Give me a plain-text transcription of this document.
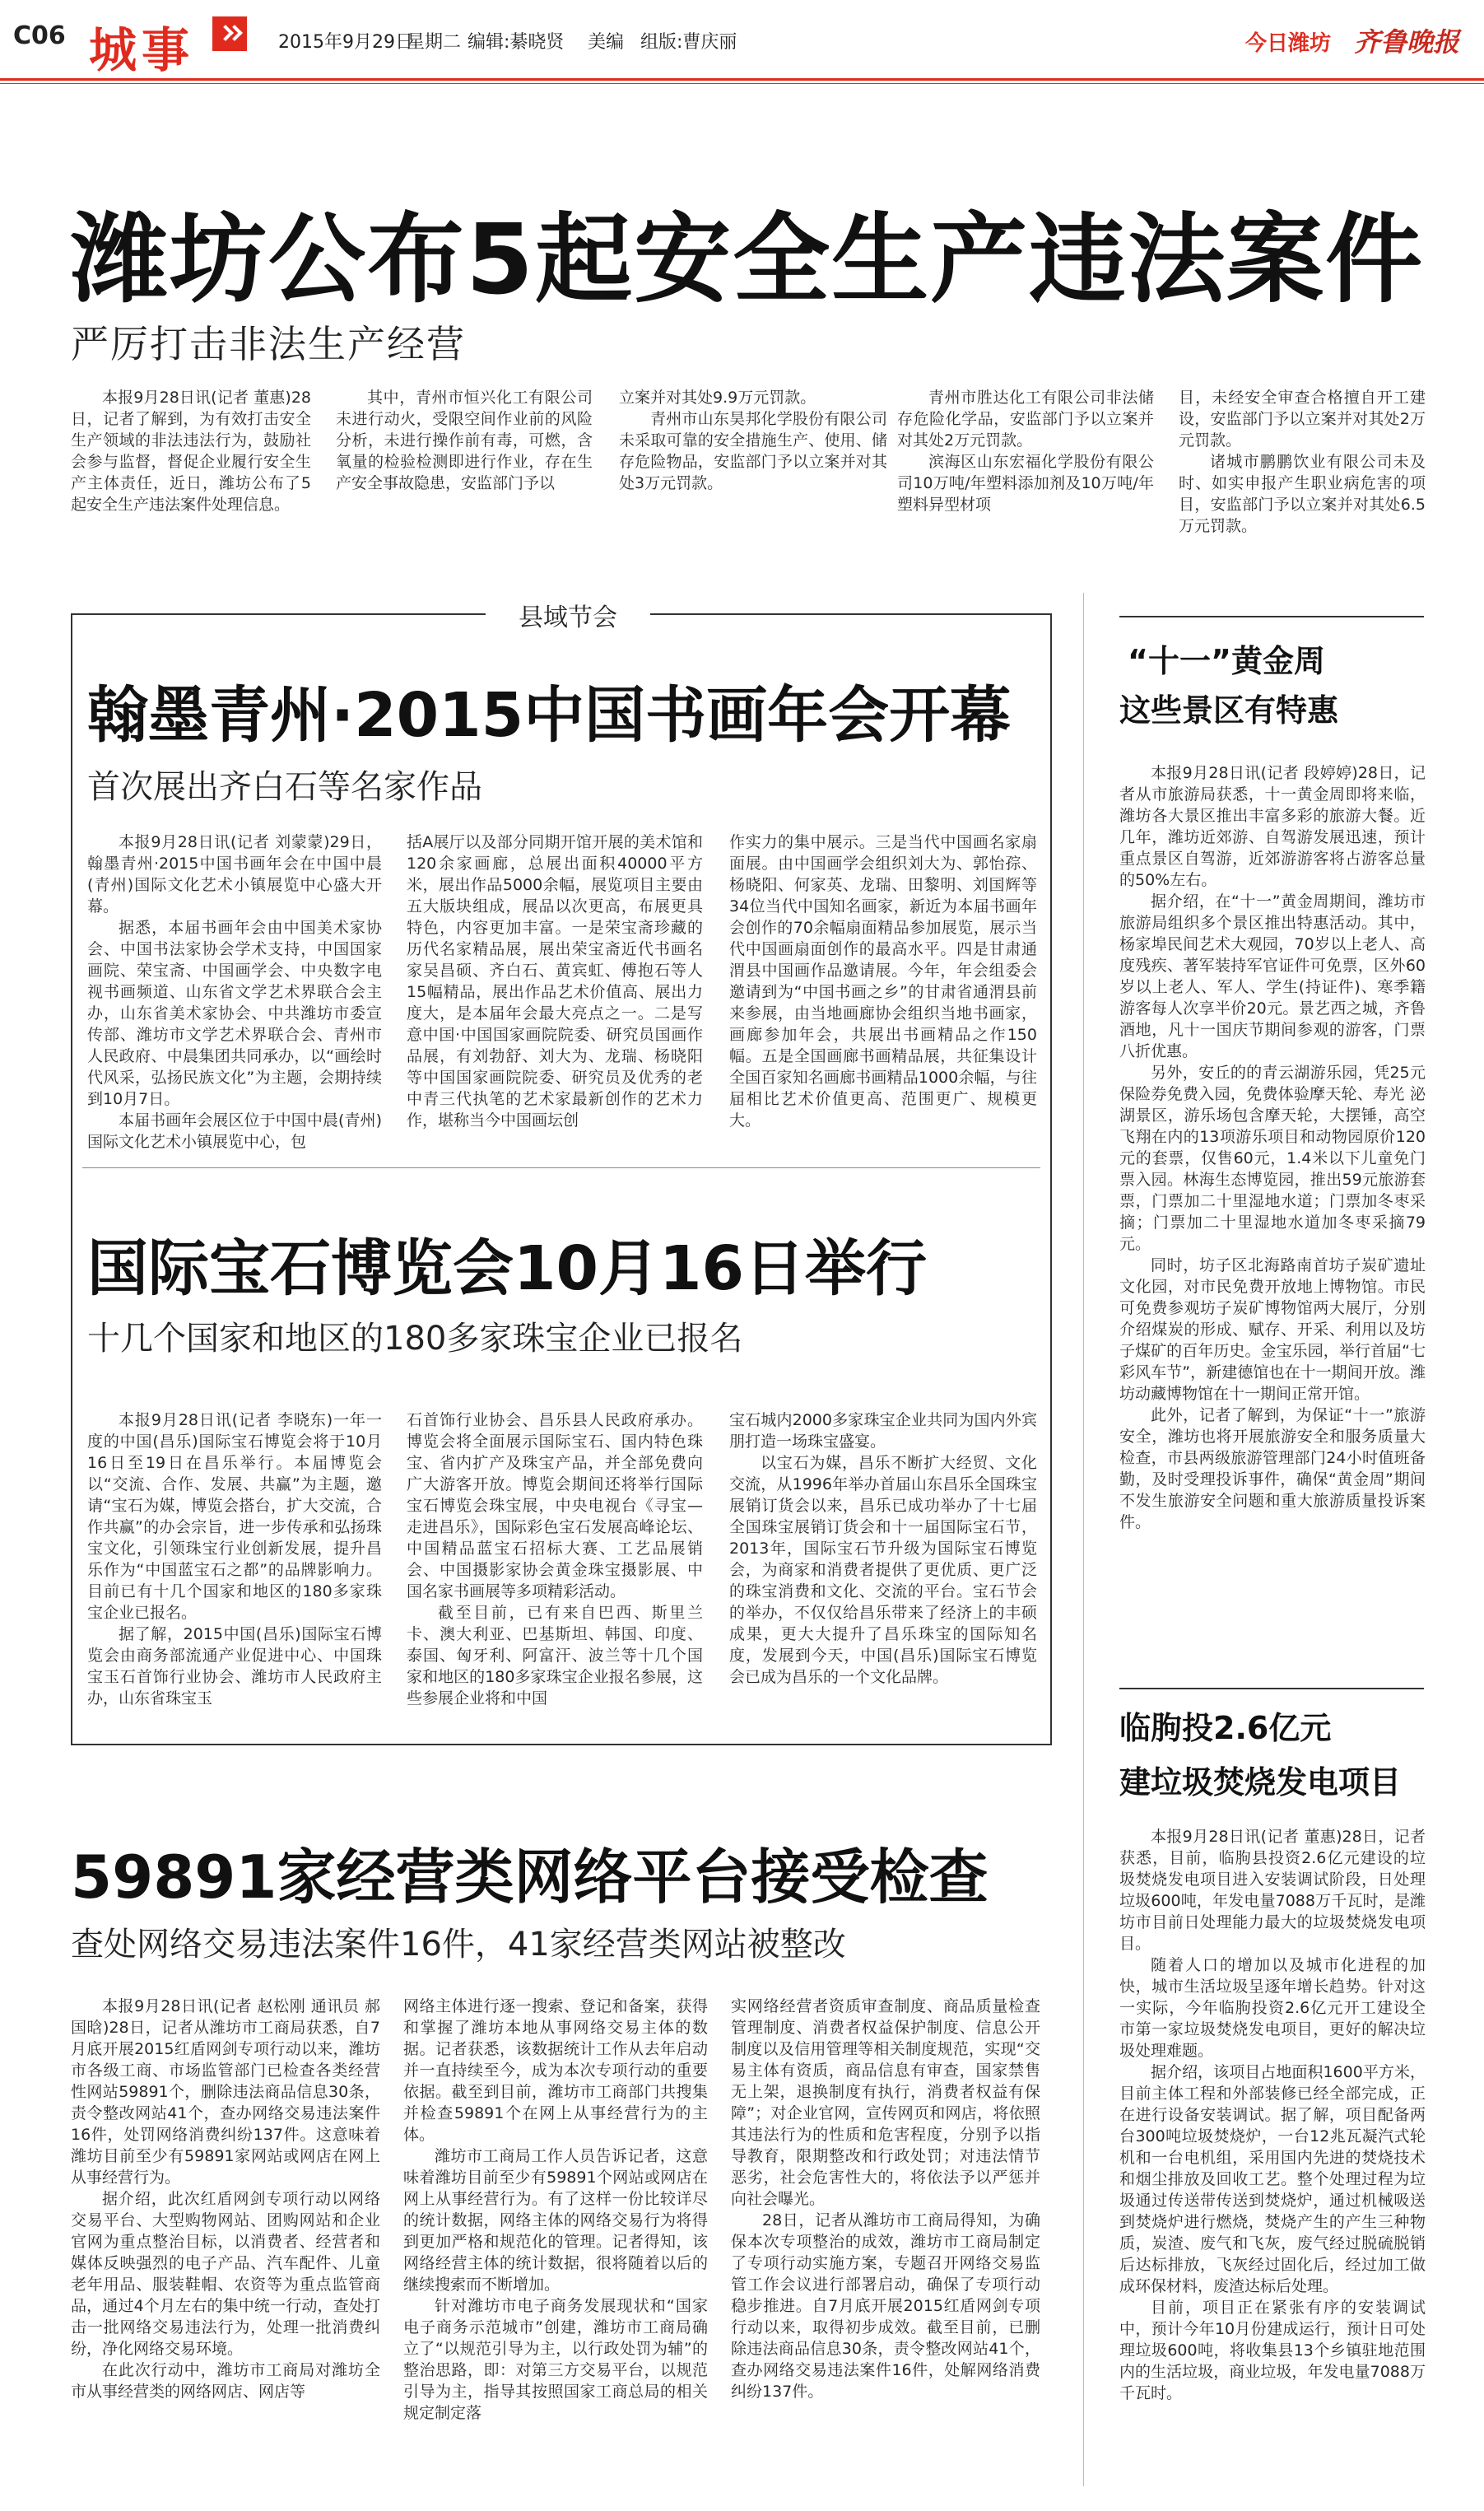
C06 城事	2015年9月29日
星期二 编辑:綦晓贤 美编 组版:曹庆丽	今日潍坊 齐鲁晚报
潍坊公布5起安全生产违法案件
严厉打击非法生产经营

本报9月28日讯(记者 董惠)28日，记者了解到，为有效打击安全生产领域的非法违法行为，鼓励社会参与监督，督促企业履行安全生产主体责任，近日，潍坊公布了5起安全生产违法案件处理信息。

其中，青州市恒兴化工有限公司未进行动火，受限空间作业前的风险分析，未进行操作前有毒，可燃，含氧量的检验检测即进行作业，存在生产安全事故隐患，安监部门予以

立案并对其处9.9万元罚款。

青州市山东昊邦化学股份有限公司未采取可靠的安全措施生产、使用、储存危险物品，安监部门予以立案并对其处3万元罚款。

青州市胜达化工有限公司非法储存危险化学品，安监部门予以立案并对其处2万元罚款。

滨海区山东宏福化学股份有限公司10万吨/年塑料添加剂及10万吨/年塑料异型材项

目，未经安全审查合格擅自开工建设，安监部门予以立案并对其处2万元罚款。

诸城市鹏鹏饮业有限公司未及时、如实申报产生职业病危害的项目，安监部门予以立案并对其处6.5万元罚款。

县域节会
翰墨青州·2015中国书画年会开幕
首次展出齐白石等名家作品

本报9月28日讯(记者 刘蒙蒙)29日，翰墨青州·2015中国书画年会在中国中晨(青州)国际文化艺术小镇展览中心盛大开幕。

据悉，本届书画年会由中国美术家协会、中国书法家协会学术支持，中国国家画院、荣宝斋、中国画学会、中央数字电视书画频道、山东省文学艺术界联合会主办，山东省美术家协会、中共潍坊市委宣传部、潍坊市文学艺术界联合会、青州市人民政府、中晨集团共同承办，以“画绘时代风采，弘扬民族文化”为主题，会期持续到10月7日。

本届书画年会展区位于中国中晨(青州)国际文化艺术小镇展览中心，包

括A展厅以及部分同期开馆开展的美术馆和120余家画廊，总展出面积40000平方米，展出作品5000余幅，展览项目主要由五大版块组成，展品以次更高，布展更具特色，内容更加丰富。一是荣宝斋珍藏的历代名家精品展，展出荣宝斋近代书画名家吴昌硕、齐白石、黄宾虹、傅抱石等人15幅精品，展出作品艺术价值高、展出力度大，是本届年会最大亮点之一。二是写意中国·中国国家画院院委、研究员国画作品展，有刘勃舒、刘大为、龙瑞、杨晓阳等中国国家画院院委、研究员及优秀的老中青三代执笔的艺术家最新创作的艺术力作，堪称当今中国画坛创

作实力的集中展示。三是当代中国画名家扇面展。由中国画学会组织刘大为、郭怡孮、杨晓阳、何家英、龙瑞、田黎明、刘国辉等34位当代中国知名画家，新近为本届书画年会创作的70余幅扇面精品参加展览，展示当代中国画扇面创作的最高水平。四是甘肃通渭县中国画作品邀请展。今年，年会组委会邀请到为“中国书画之乡”的甘肃省通渭县前来参展，由当地画廊协会组织当地书画家，画廊参加年会，共展出书画精品之作150幅。五是全国画廊书画精品展，共征集设计全国百家知名画廊书画精品1000余幅，与往届相比艺术价值更高、范围更广、规模更大。

国际宝石博览会10月16日举行
十几个国家和地区的180多家珠宝企业已报名

本报9月28日讯(记者 李晓东)一年一度的中国(昌乐)国际宝石博览会将于10月16日至19日在昌乐举行。本届博览会以“交流、合作、发展、共赢”为主题，邀请“宝石为媒，博览会搭台，扩大交流，合作共赢”的办会宗旨，进一步传承和弘扬珠宝文化，引领珠宝行业创新发展，提升昌乐作为“中国蓝宝石之都”的品牌影响力。目前已有十几个国家和地区的180多家珠宝企业已报名。

据了解，2015中国(昌乐)国际宝石博览会由商务部流通产业促进中心、中国珠宝玉石首饰行业协会、潍坊市人民政府主办，山东省珠宝玉

石首饰行业协会、昌乐县人民政府承办。博览会将全面展示国际宝石、国内特色珠宝、省内扩产及珠宝产品，并全部免费向广大游客开放。博览会期间还将举行国际宝石博览会珠宝展，中央电视台《寻宝—走进昌乐》，国际彩色宝石发展高峰论坛、中国精品蓝宝石招标大赛、工艺品展销会、中国摄影家协会黄金珠宝摄影展、中国名家书画展等多项精彩活动。

截至目前，已有来自巴西、斯里兰卡、澳大利亚、巴基斯坦、韩国、印度、泰国、匈牙利、阿富汗、波兰等十几个国家和地区的180多家珠宝企业报名参展，这些参展企业将和中国

宝石城内2000多家珠宝企业共同为国内外宾朋打造一场珠宝盛宴。

以宝石为媒，昌乐不断扩大经贸、文化交流，从1996年举办首届山东昌乐全国珠宝展销订货会以来，昌乐已成功举办了十七届全国珠宝展销订货会和十一届国际宝石节，2013年，国际宝石节升级为国际宝石博览会，为商家和消费者提供了更优质、更广泛的珠宝消费和文化、交流的平台。宝石节会的举办，不仅仅给昌乐带来了经济上的丰硕成果，更大大提升了昌乐珠宝的国际知名度，发展到今天，中国(昌乐)国际宝石博览会已成为昌乐的一个文化品牌。

“十一”黄金周
这些景区有特惠

本报9月28日讯(记者 段婷婷)28日，记者从市旅游局获悉，十一黄金周即将来临，潍坊各大景区推出丰富多彩的旅游大餐。近几年，潍坊近郊游、自驾游发展迅速，预计重点景区自驾游，近郊游游客将占游客总量的50%左右。

据介绍，在“十一”黄金周期间，潍坊市旅游局组织多个景区推出特惠活动。其中，杨家埠民间艺术大观园，70岁以上老人、高度残疾、著军装持军官证件可免票，区外60岁以上老人、军人、学生(持证件)、寒季籍游客每人次享半价20元。景艺西之城，齐鲁酒地，凡十一国庆节期间参观的游客，门票八折优惠。

另外，安丘的的青云湖游乐园，凭25元保险券免费入园，免费体验摩天轮、寿光 泌湖景区，游乐场包含摩天轮，大摆锤，高空飞翔在内的13项游乐项目和动物园原价120元的套票，仅售60元，1.4米以下儿童免门票入园。林海生态博览园，推出59元旅游套票，门票加二十里湿地水道；门票加冬枣采摘；门票加二十里湿地水道加冬枣采摘79元。

同时，坊子区北海路南首坊子炭矿遗址文化园，对市民免费开放地上博物馆。市民可免费参观坊子炭矿博物馆两大展厅，分别介绍煤炭的形成、赋存、开采、利用以及坊子煤矿的百年历史。金宝乐园，举行首届“七彩风车节”，新建德馆也在十一期间开放。潍坊动藏博物馆在十一期间正常开馆。

此外，记者了解到，为保证“十一”旅游安全，潍坊也将开展旅游安全和服务质量大检查，市县两级旅游管理部门24小时值班备勤，及时受理投诉事件，确保“黄金周”期间不发生旅游安全问题和重大旅游质量投诉案件。

临朐投2.6亿元
建垃圾焚烧发电项目

本报9月28日讯(记者 董惠)28日，记者获悉，目前，临朐县投资2.6亿元建设的垃圾焚烧发电项目进入安装调试阶段，日处理垃圾600吨，年发电量7088万千瓦时，是潍坊市目前日处理能力最大的垃圾焚烧发电项目。

随着人口的增加以及城市化进程的加快，城市生活垃圾呈逐年增长趋势。针对这一实际，今年临朐投资2.6亿元开工建设全市第一家垃圾焚烧发电项目，更好的解决垃圾处理难题。

据介绍，该项目占地面积1600平方米，目前主体工程和外部装修已经全部完成，正在进行设备安装调试。据了解，项目配备两台300吨垃圾焚烧炉，一台12兆瓦凝汽式轮机和一台电机组，采用国内先进的焚烧技术和烟尘排放及回收工艺。整个处理过程为垃圾通过传送带传送到焚烧炉，通过机械吸送到焚烧炉进行燃烧，焚烧产生的产生三种物质，炭渣、废气和飞灰，废气经过脱硫脱销后达标排放，飞灰经过固化后，经过加工做成环保材料，废渣达标后处理。

目前，项目正在紧张有序的安装调试中，预计今年10月份建成运行，预计日可处理垃圾600吨，将收集县13个乡镇驻地范围内的生活垃圾，商业垃圾，年发电量7088万千瓦时。

59891家经营类网络平台接受检查
查处网络交易违法案件16件，41家经营类网站被整改

本报9月28日讯(记者 赵松刚 通讯员 郝国晗)28日，记者从潍坊市工商局获悉，自7月底开展2015红盾网剑专项行动以来，潍坊市各级工商、市场监管部门已检查各类经营性网站59891个，删除违法商品信息30条，责令整改网站41个，查办网络交易违法案件16件，处罚网络消费纠纷137件。这意味着潍坊目前至少有59891家网站或网店在网上从事经营行为。

据介绍，此次红盾网剑专项行动以网络交易平台、大型购物网站、团购网站和企业官网为重点整治目标，以消费者、经营者和媒体反映强烈的电子产品、汽车配件、儿童老年用品、服装鞋帽、农资等为重点监管商品，通过4个月左右的集中统一行动，查处打击一批网络交易违法行为，处理一批消费纠纷，净化网络交易环境。

在此次行动中，潍坊市工商局对潍坊全市从事经营类的网络网店、网店等

网络主体进行逐一搜索、登记和备案，获得和掌握了潍坊本地从事网络交易主体的数据。记者获悉，该数据统计工作从去年启动并一直持续至今，成为本次专项行动的重要依据。截至到目前，潍坊市工商部门共搜集并检查59891个在网上从事经营行为的主体。

潍坊市工商局工作人员告诉记者，这意味着潍坊目前至少有59891个网站或网店在网上从事经营行为。有了这样一份比较详尽的统计数据，网络主体的网络交易行为将得到更加严格和规范化的管理。记者得知，该网络经营主体的统计数据，很将随着以后的继续搜索而不断增加。

针对潍坊市电子商务发展现状和“国家电子商务示范城市”创建，潍坊市工商局确立了“以规范引导为主，以行政处罚为辅”的整治思路，即：对第三方交易平台，以规范引导为主，指导其按照国家工商总局的相关规定制定落

实网络经营者资质审查制度、商品质量检查管理制度、消费者权益保护制度、信息公开制度以及信用管理等相关制度规范，实现“交易主体有资质，商品信息有审查，国家禁售无上架，退换制度有执行，消费者权益有保障”；对企业官网，宣传网页和网店，将依照其违法行为的性质和危害程度，分别予以指导教育，限期整改和行政处罚；对违法情节恶劣，社会危害性大的，将依法予以严惩并向社会曝光。

28日，记者从潍坊市工商局得知，为确保本次专项整治的成效，潍坊市工商局制定了专项行动实施方案，专题召开网络交易监管工作会议进行部署启动，确保了专项行动稳步推进。自7月底开展2015红盾网剑专项行动以来，取得初步成效。截至目前，已删除违法商品信息30条，责令整改网站41个，查办网络交易违法案件16件，处解网络消费纠纷137件。
